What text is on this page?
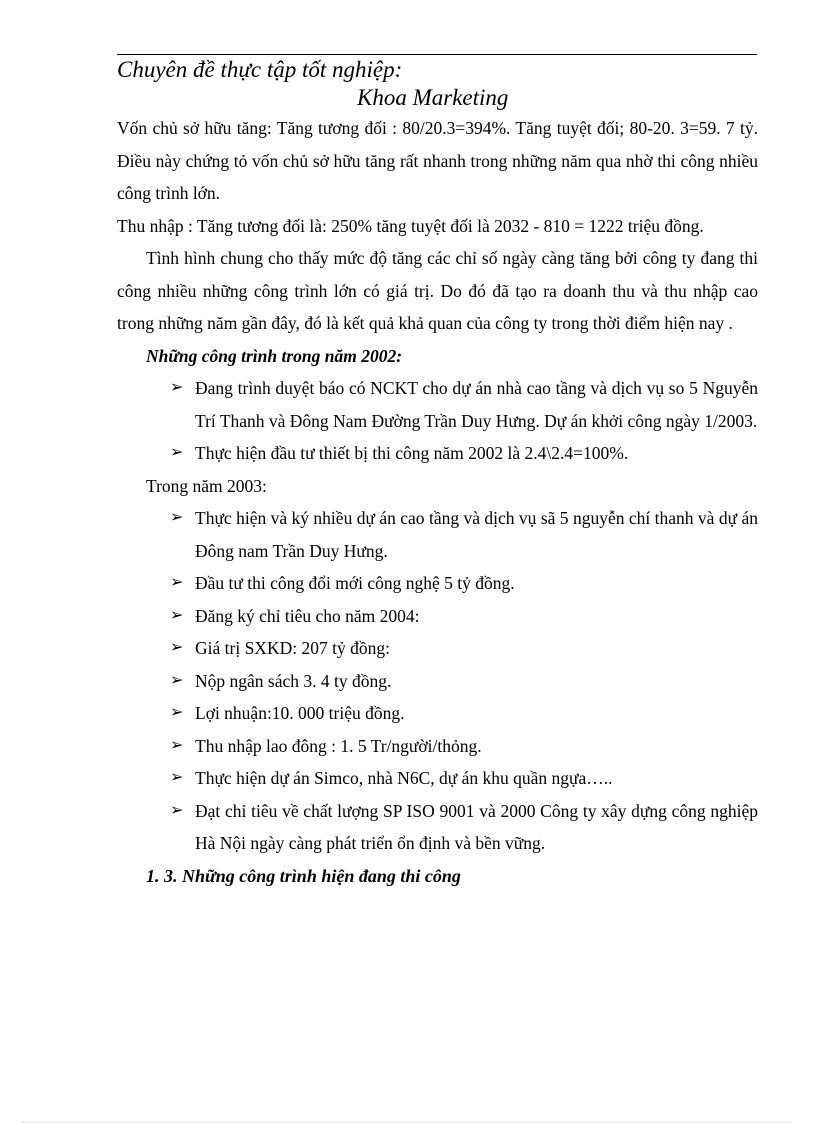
Chuyên đề thực tập tốt nghiệp:
Khoa Marketing

Vốn chủ sở hữu tăng: Tăng tương đối : 80/20.3=394%. Tăng tuyệt đối; 80-20. 3=59. 7 tỷ. Điều này chứng tỏ vốn chủ sở hữu tăng rất nhanh trong những năm qua nhờ thi công nhiều công trình lớn.

Thu nhập : Tăng tương đối là: 250% tăng tuyệt đối là 2032 - 810 = 1222 triệu đồng.

Tình hình chung cho thấy mức độ tăng các chỉ số ngày càng tăng bởi công ty đang thi công nhiều những công trình lớn có giá trị. Do đó đã tạo ra doanh thu và thu nhập cao trong những năm gần đây, đó là kết quả khả quan của công ty trong thời điểm hiện nay .

Những công trình trong năm 2002:

➢ Đang trình duyệt báo có NCKT cho dự án nhà cao tầng và dịch vụ so 5 Nguyễn Trí Thanh và Đông Nam Đường Trần Duy Hưng. Dự án khởi công ngày 1/2003.
➢ Thực hiện đầu tư thiết bị thi công năm 2002 là 2.4\2.4=100%.

Trong năm 2003:

➢ Thực hiện và ký nhiều dự án cao tầng và dịch vụ sã 5 nguyễn chí thanh và dự án Đông nam Trần Duy Hưng.
➢ Đầu tư thi công đổi mới công nghệ 5 tỷ đồng.
➢ Đăng ký chỉ tiêu cho năm 2004:
➢ Giá trị SXKD: 207 tỷ đồng:
➢ Nộp ngân sách 3. 4 ty đồng.
➢ Lợi nhuận:10. 000 triệu đồng.
➢ Thu nhập lao đông : 1. 5 Tr/người/thỏng.
➢ Thực hiện dự án Simco, nhà N6C, dự án khu quần ngựa…..
➢ Đạt chỉ tiêu về chất lượng SP ISO 9001 và 2000 Công ty xây dựng công nghiệp Hà Nội ngày càng phát triển ổn định và bền vững.

1. 3. Những công trình hiện đang thi công
